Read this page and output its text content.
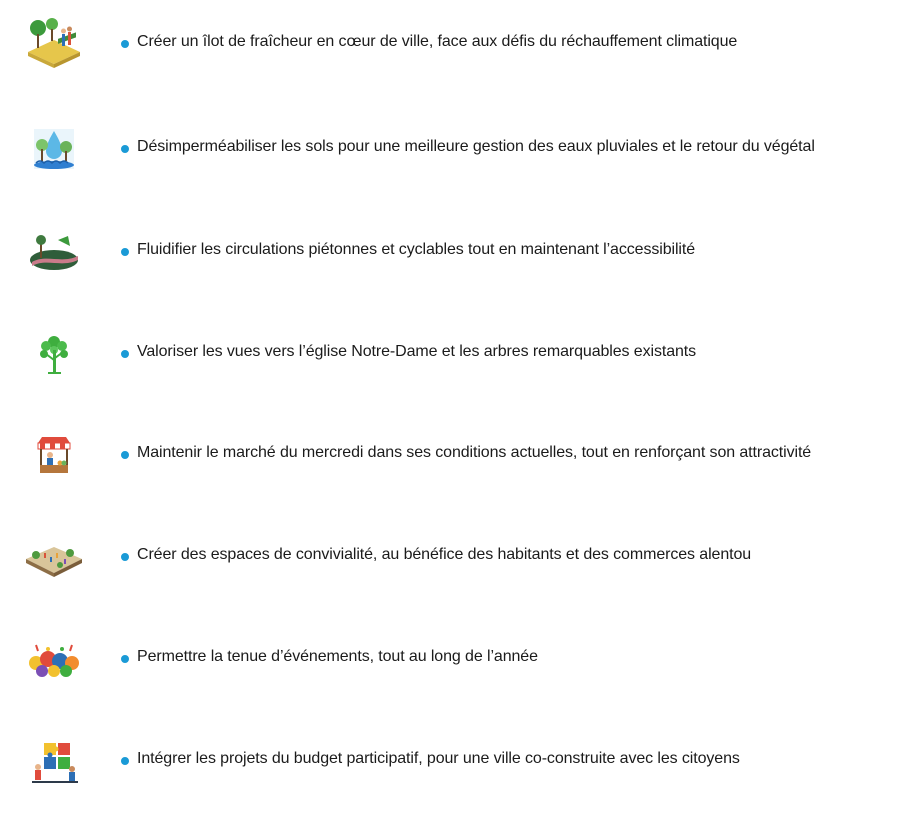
Créer un îlot de fraîcheur en cœur de ville, face aux défis du réchauffement climatique
Désimperméabiliser les sols pour une meilleure gestion des eaux pluviales et le retour du végétal
Fluidifier les circulations piétonnes et cyclables tout en maintenant l’accessibilité
Valoriser les vues vers l’église Notre-Dame et les arbres remarquables existants
Maintenir le marché du mercredi dans ses conditions actuelles, tout en renforçant son attractivité
Créer des espaces de convivialité, au bénéfice des habitants et des commerces alentou
Permettre la tenue d’événements, tout au long de l’année
Intégrer les projets du budget participatif, pour une ville co-construite avec les citoyens
